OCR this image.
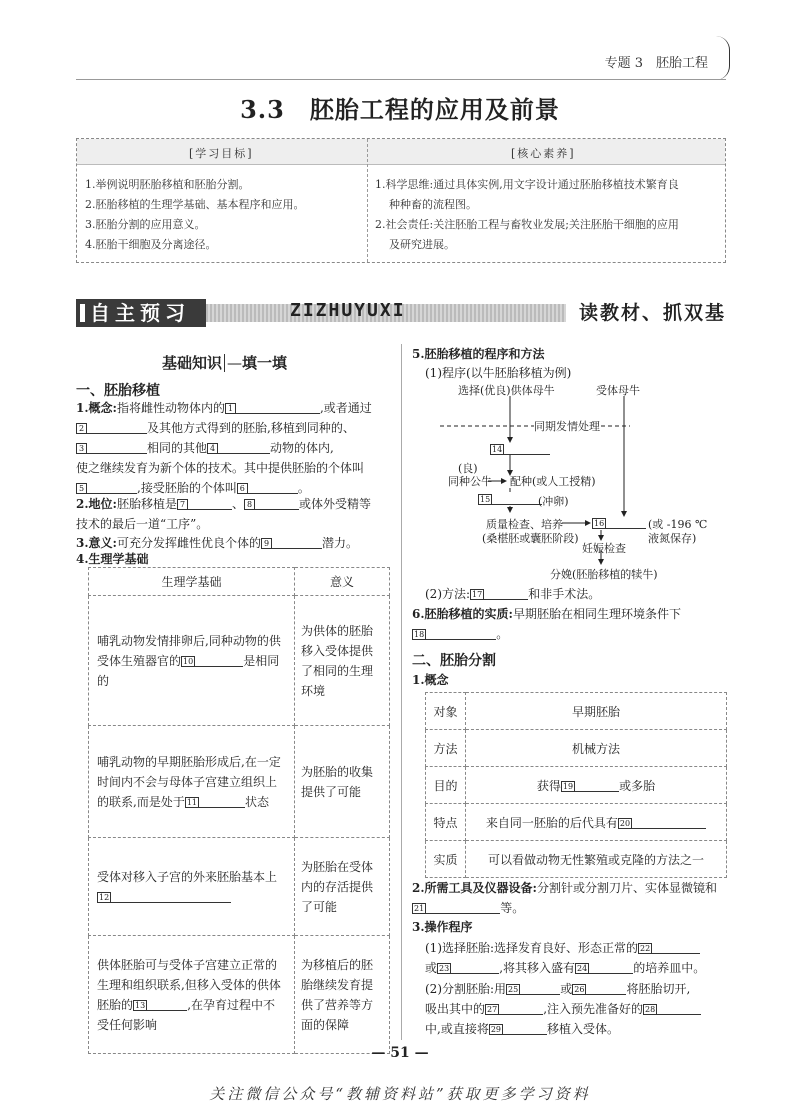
专题 3　胚胎工程
3.3　胚胎工程的应用及前景
[学习目标]	[核心素养]
1.举例说明胚胎移植和胚胎分割。
2.胚胎移植的生理学基础、基本程序和应用。
3.胚胎分割的应用意义。
4.胚胎干细胞及分离途径。
1.科学思维:通过具体实例,用文字设计通过胚胎移植技术繁育良
种种畜的流程图。
2.社会责任:关注胚胎工程与畜牧业发展;关注胚胎干细胞的应用
及研究进展。
自主预习	ZIZHUYUXI	读教材、抓双基
基础知识 —填一填
一、胚胎移植
1.概念:指将雌性动物体内的 1	,或者通过
2	及其他方式得到的胚胎,移植到同种的、
3	相同的其他 4	动物的体内,
使之继续发育为新个体的技术。其中提供胚胎的个体叫
5	,接受胚胎的个体叫 6	。
2.地位:胚胎移植是 7	、 8	或体外受精等
技术的最后一道“工序”。
3.意义:可充分发挥雌性优良个体的 9	潜力。
4.生理学基础
生理学基础	意义
哺乳动物发情排卵后,同种动物的供受体生殖器官的 10 是相同的	为供体的胚胎移入受体提供了相同的生理环境
哺乳动物的早期胚胎形成后,在一定时间内不会与母体子宫建立组织上的联系,而是处于 11 状态	为胚胎的收集提供了可能
受体对移入子宫的外来胚胎基本上
12	为胚胎在受体内的存活提供了可能
供体胚胎可与受体子宫建立正常的生理和组织联系,但移入受体的供体胚胎的 13 ,在孕育过程中不受任何影响	为移植后的胚胎继续发育提供了营养等方面的保障
5.胚胎移植的程序和方法
(1)程序(以牛胚胎移植为例)
选择(优良)供体母牛	受体母牛
同期发情处理
14
(良)
同种公牛 配种(或人工授精)
15	(冲卵)
质量检查、培养
(桑椹胚或囊胚阶段)
16	(或 -196 ℃
液氮保存)
妊娠检查
分娩(胚胎移植的犊牛)
(2)方法: 17	和非手术法。
6.胚胎移植的实质:早期胚胎在相同生理环境条件下
18	。
二、胚胎分割
1.概念
对象	早期胚胎
方法	机械方法
目的	获得 19 或多胎
特点	来自同一胚胎的后代具有 20
实质	可以看做动物无性繁殖或克隆的方法之一
2.所需工具及仪器设备:分割针或分割刀片、实体显微镜和
21	等。
3.操作程序
(1)选择胚胎:选择发育良好、形态正常的 22
或 23	,将其移入盛有 24	的培养皿中。
(2)分割胚胎:用 25	或 26	将胚胎切开,
吸出其中的 27	,注入预先准备好的 28
中,或直接将 29	移植入受体。
— 51 —
关注微信公众号“教辅资料站”获取更多学习资料
